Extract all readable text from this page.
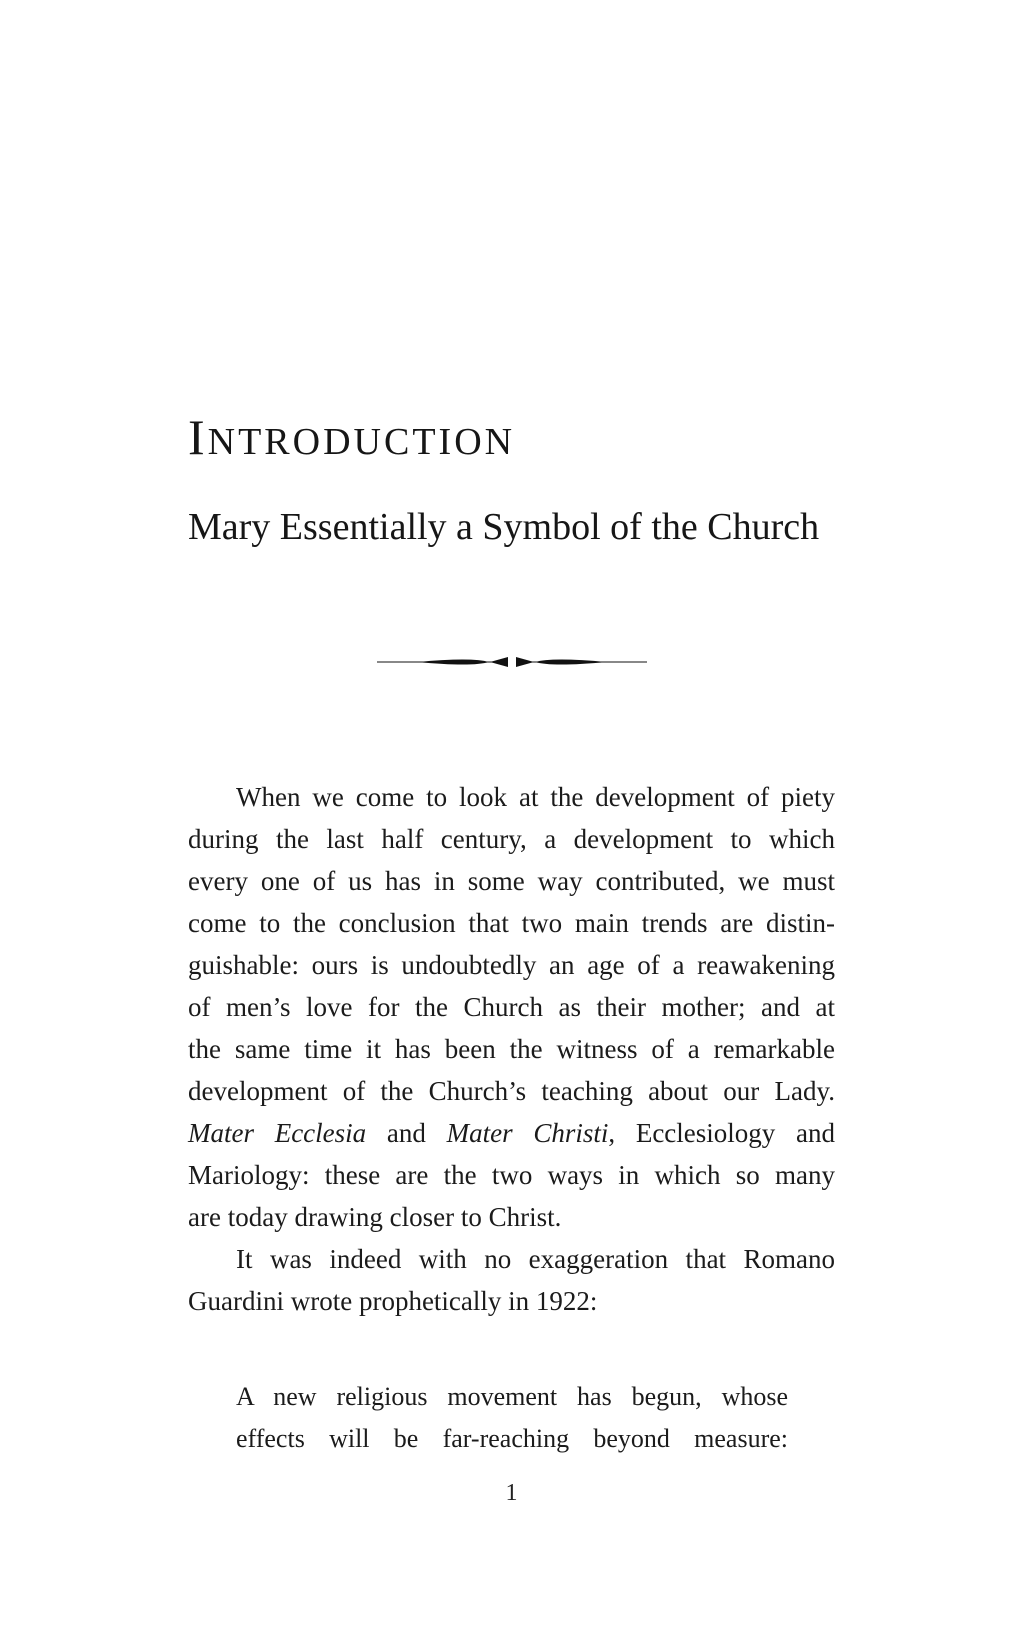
INTRODUCTION
Mary Essentially a Symbol of the Church
When we come to look at the development of piety
during the last half century, a development to which
every one of us has in some way contributed, we must
come to the conclusion that two main trends are distin-
guishable: ours is undoubtedly an age of a reawakening
of men’s love for the Church as their mother; and at
the same time it has been the witness of a remarkable
development of the Church’s teaching about our Lady.
Mater Ecclesia and Mater Christi, Ecclesiology and
Mariology: these are the two ways in which so many
are today drawing closer to Christ.
It was indeed with no exaggeration that Romano
Guardini wrote prophetically in 1922:
A new religious movement has begun, whose
effects will be far-reaching beyond measure:
1
